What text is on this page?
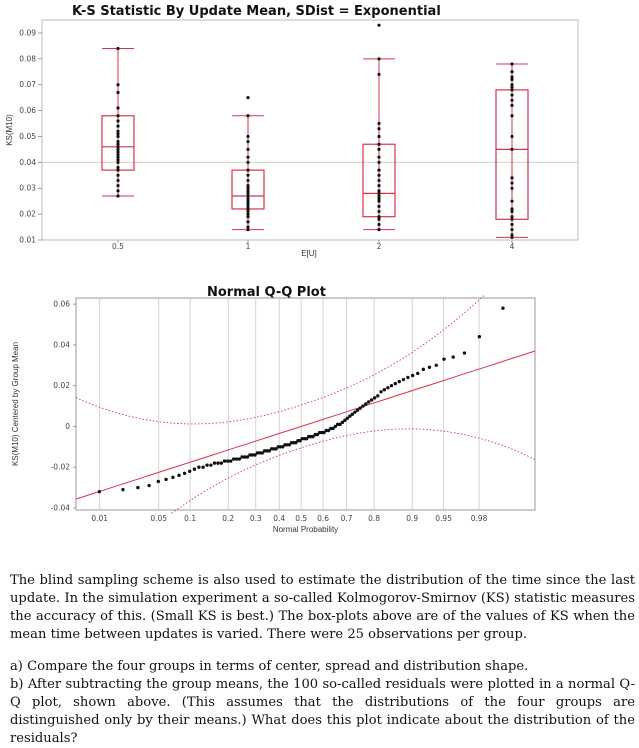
K-S Statistic By Update Mean, SDist = Exponential
0.01
0.02
0.03
0.04
0.05
0.06
0.07
0.08
0.09
0.5	1	2	4
E[U]
KS(M10)
Normal Q-Q Plot
0.01	0.05 0.1	0.2 0.3 0.4 0.5 0.6 0.7 0.8	0.9 0.95 0.98
-0.04
-0.02
0
0.02
0.04
0.06
Normal Probability
KS(M10) Centered by Group Mean

The blind sampling scheme is also used to estimate the distribution of the time since the last update. In the simulation experiment a so-called Kolmogorov-Smirnov (KS) statistic measures the accuracy of this. (Small KS is best.) The box-plots above are of the values of KS when the mean time between updates is varied. There were 25 observations per group.

a) Compare the four groups in terms of center, spread and distribution shape.

b) After subtracting the group means, the 100 so-called residuals were plotted in a normal Q-Q plot, shown above. (This assumes that the distributions of the four groups are distinguished only by their means.) What does this plot indicate about the distribution of the residuals?
